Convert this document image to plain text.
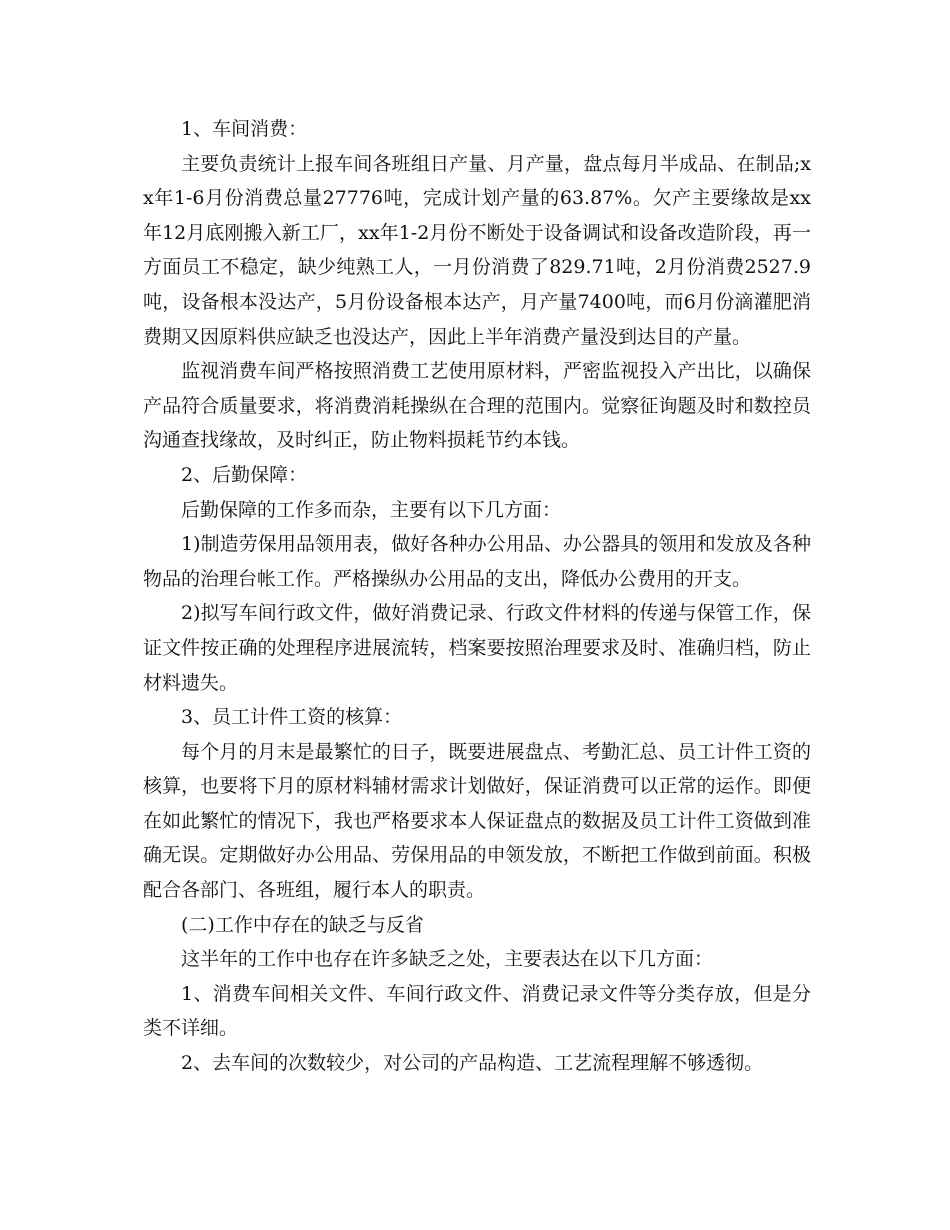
1、车间消费：

主要负责统计上报车间各班组日产量、月产量，盘点每月半成品、在制品;xx年1-6月份消费总量27776吨，完成计划产量的63.87%。欠产主要缘故是xx年12月底刚搬入新工厂，xx年1-2月份不断处于设备调试和设备改造阶段，再一方面员工不稳定，缺少纯熟工人，一月份消费了829.71吨，2月份消费2527.9吨，设备根本没达产，5月份设备根本达产，月产量7400吨，而6月份滴灌肥消费期又因原料供应缺乏也没达产，因此上半年消费产量没到达目的产量。

监视消费车间严格按照消费工艺使用原材料，严密监视投入产出比，以确保产品符合质量要求，将消费消耗操纵在合理的范围内。觉察征询题及时和数控员沟通查找缘故，及时纠正，防止物料损耗节约本钱。

2、后勤保障：

后勤保障的工作多而杂，主要有以下几方面：

1)制造劳保用品领用表，做好各种办公用品、办公器具的领用和发放及各种物品的治理台帐工作。严格操纵办公用品的支出，降低办公费用的开支。

2)拟写车间行政文件，做好消费记录、行政文件材料的传递与保管工作，保证文件按正确的处理程序进展流转，档案要按照治理要求及时、准确归档，防止材料遗失。

3、员工计件工资的核算：

每个月的月末是最繁忙的日子，既要进展盘点、考勤汇总、员工计件工资的核算，也要将下月的原材料辅材需求计划做好，保证消费可以正常的运作。即便在如此繁忙的情况下，我也严格要求本人保证盘点的数据及员工计件工资做到准确无误。定期做好办公用品、劳保用品的申领发放，不断把工作做到前面。积极配合各部门、各班组，履行本人的职责。

(二)工作中存在的缺乏与反省

这半年的工作中也存在许多缺乏之处，主要表达在以下几方面：

1、消费车间相关文件、车间行政文件、消费记录文件等分类存放，但是分类不详细。

2、去车间的次数较少，对公司的产品构造、工艺流程理解不够透彻。
